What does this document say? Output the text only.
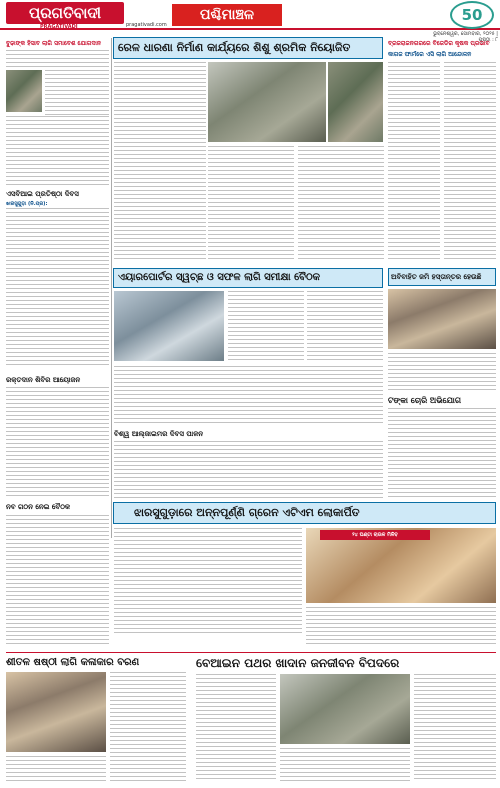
ପ୍ରଗତିବାଦୀ
PRAGATIVADI	pragativadi.com
ପଶ୍ଚିମାଞ୍ଚଳ	50
ଭୁବନେଶ୍ୱର, ସୋମବାର, ୨୦୨୫ | ପୃଷ୍ଠା : ୮
ବୁଢାଙ୍କ ହିସାବ ଲାଗି ସମାବେଶ ଯୋଗଦାନ
ଏସବିଆଇ ପ୍ରତିଷ୍ଠା ଦିବସ
ଝାରସୁଗୁଡ଼ା (ନି.ପ୍ର):
ରକ୍ତଦାନ ଶିବିର ଆୟୋଜନ
ରେଳ ଧାରଣା ନିର୍ମାଣ କାର୍ଯ୍ୟରେ ଶିଶୁ ଶ୍ରମିକ ନିୟୋଜିତ	ବ୍ରଜରାଜନଗରରେ ବିଜେଡିର କୃଷକ ପ୍ରଭାବ
କାଗଜ ଫାର୍ମରେ ଏସି ଲାଗି ଆନ୍ଦୋଳନ
ଏୟାରପୋର୍ଟର ସ୍ୱଚ୍ଛ ଓ ସଫଳ ଲାଗି ସମୀକ୍ଷା ବୈଠକ	ଅବିବାହିତ ଜମି ହସ୍ତାନ୍ତର ହେଉଛି
ଟଙ୍କା ଚୋରି ଅଭିଯୋଗ
ବିଶ୍ୱ ଆଲ୍‌ଜାଇମର ଦିବସ ପାଳନ
ଝାରସୁଗୁଡ଼ାରେ ଅନ୍ନପୂର୍ଣ୍ଣି ଗ୍ରେନ ଏଟିଏମ ଲୋକାର୍ପିତ
୨୪ ଘଣ୍ଟା ଚାଉଳ ମିଳିବ
ନବ ଗଠନ ନେଇ ବୈଠକ
ଶୀତଳ ଷଷ୍ଠୀ ଲାଗି କଳାକାର ବରଣ	ବେଆଇନ ପଥର ଖାଦାନ ଜନଜୀବନ ବିପଦରେ
